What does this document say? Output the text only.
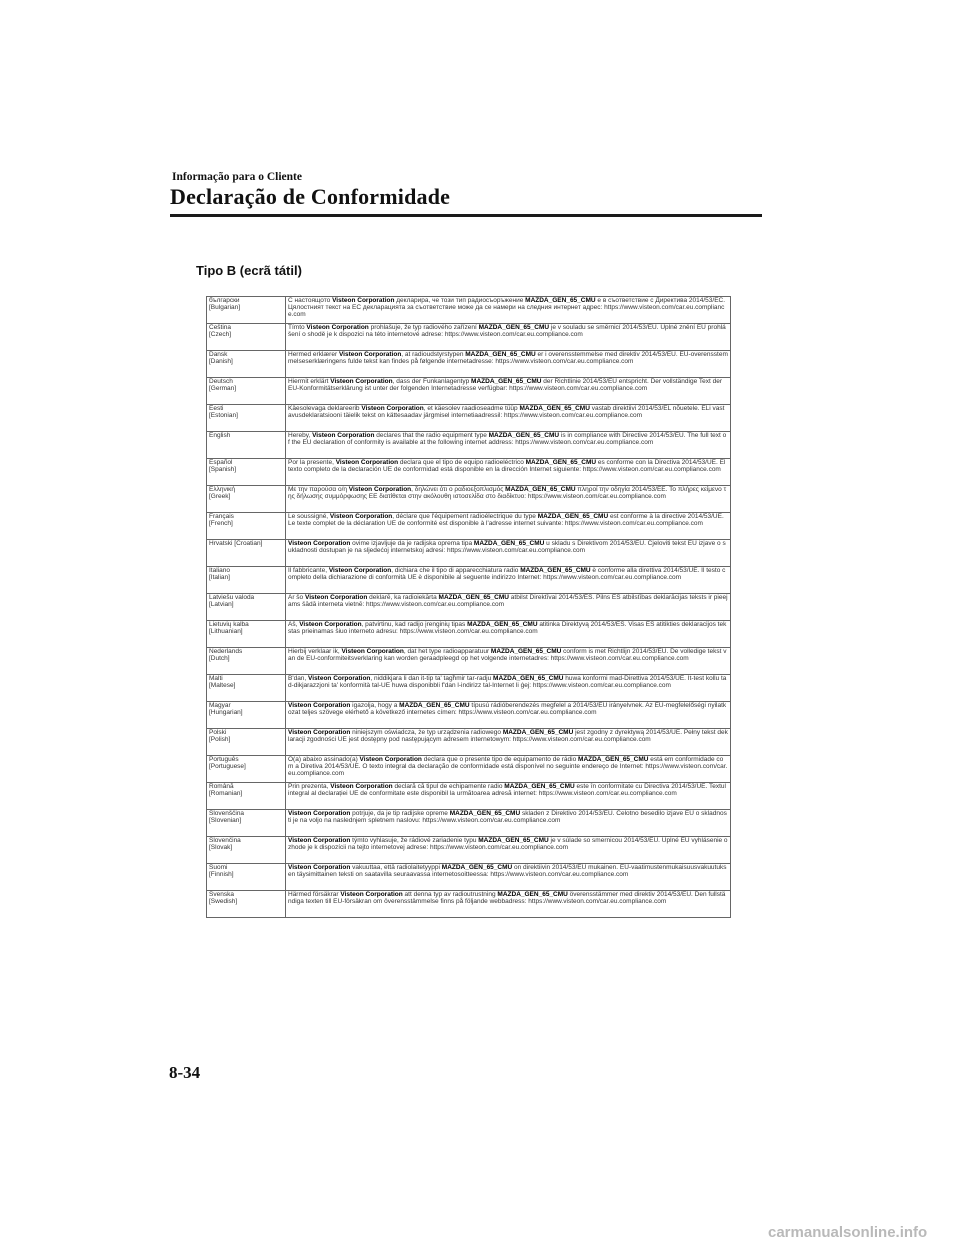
Informação para o Cliente
Declaração de Conformidade
Tipo B (ecrã tátil)
български
[Bulgarian]	С настоящото Visteon Corporation декларира, че този тип радиосъоръжение MAZDA_GEN_65_CMU е в съответствие с Директива 2014/53/ЕС. Цялостният текст на ЕС декларацията за съответствие може да се намери на следния интернет адрес: https://www.visteon.com/car.eu.compliance.com
Čeština
[Czech]	Tímto Visteon Corporation prohlašuje, že typ radiového zařízení MAZDA_GEN_65_CMU je v souladu se směrnicí 2014/53/EU. Úplné znění EU prohlášení o shodě je k dispozici na této internetové adrese: https://www.visteon.com/car.eu.compliance.com
Dansk
[Danish]	Hermed erklærer Visteon Corporation, at radioudstyrstypen MAZDA_GEN_65_CMU er i overensstemmelse med direktiv 2014/53/EU. EU-overensstemmelseserklæringens fulde tekst kan findes på følgende internetadresse: https://www.visteon.com/car.eu.compliance.com
Deutsch
[German]	Hiermit erklärt Visteon Corporation, dass der Funkanlagentyp MAZDA_GEN_65_CMU der Richtlinie 2014/53/EU entspricht. Der vollständige Text der EU-Konformitätserklärung ist unter der folgenden Internetadresse verfügbar: https://www.visteon.com/car.eu.compliance.com
Eesti
[Estonian]	Käesolevaga deklareerib Visteon Corporation, et käesolev raadioseadme tüüp MAZDA_GEN_65_CMU vastab direktiivi 2014/53/EL nõuetele. ELi vastavusdeklaratsiooni täielik tekst on kättesaadav järgmisel internetiaadressil: https://www.visteon.com/car.eu.compliance.com
English	Hereby, Visteon Corporation declares that the radio equipment type MAZDA_GEN_65_CMU is in compliance with Directive 2014/53/EU. The full text of the EU declaration of conformity is available at the following internet address: https://www.visteon.com/car.eu.compliance.com
Español
[Spanish]	Por la presente, Visteon Corporation declara que el tipo de equipo radioeléctrico MAZDA_GEN_65_CMU es conforme con la Directiva 2014/53/UE. El texto completo de la declaración UE de conformidad está disponible en la dirección Internet siguiente: https://www.visteon.com/car.eu.compliance.com
Ελληνική
[Greek]	Με την παρούσα ο/η Visteon Corporation, δηλώνει ότι ο ραδιοεξοπλισμός MAZDA_GEN_65_CMU πληροί την οδηγία 2014/53/ΕΕ. Το πλήρες κείμενο της δήλωσης συμμόρφωσης ΕΕ διατίθεται στην ακόλουθη ιστοσελίδα στο διαδίκτυο: https://www.visteon.com/car.eu.compliance.com
Français
[French]	Le soussigné, Visteon Corporation, déclare que l'équipement radioélectrique du type MAZDA_GEN_65_CMU est conforme à la directive 2014/53/UE. Le texte complet de la déclaration UE de conformité est disponible à l'adresse internet suivante: https://www.visteon.com/car.eu.compliance.com
Hrvatski [Croatian]	Visteon Corporation ovime izjavljuje da je radijska oprema tipa MAZDA_GEN_65_CMU u skladu s Direktivom 2014/53/EU. Cjeloviti tekst EU izjave o sukladnosti dostupan je na sljedećoj internetskoj adresi: https://www.visteon.com/car.eu.compliance.com
Italiano
[Italian]	Il fabbricante, Visteon Corporation, dichiara che il tipo di apparecchiatura radio MAZDA_GEN_65_CMU è conforme alla direttiva 2014/53/UE. Il testo completo della dichiarazione di conformità UE è disponibile al seguente indirizzo Internet: https://www.visteon.com/car.eu.compliance.com
Latviešu valoda
[Latvian]	Ar šo Visteon Corporation deklarē, ka radioiekārta MAZDA_GEN_65_CMU atbilst Direktīvai 2014/53/ES. Pilns ES atbilstības deklarācijas teksts ir pieejams šādā interneta vietnē: https://www.visteon.com/car.eu.compliance.com
Lietuvių kalba
[Lithuanian]	Aš, Visteon Corporation, patvirtinu, kad radijo įrenginių tipas MAZDA_GEN_65_CMU atitinka Direktyvą 2014/53/ES. Visas ES atitikties deklaracijos tekstas prieinamas šiuo interneto adresu: https://www.visteon.com/car.eu.compliance.com
Nederlands
[Dutch]	Hierbij verklaar ik, Visteon Corporation, dat het type radioapparatuur MAZDA_GEN_65_CMU conform is met Richtlijn 2014/53/EU. De volledige tekst van de EU-conformiteitsverklaring kan worden geraadpleegd op het volgende internetadres: https://www.visteon.com/car.eu.compliance.com
Malti
[Maltese]	B'dan, Visteon Corporation, niddikjara li dan it-tip ta' tagħmir tar-radju MAZDA_GEN_65_CMU huwa konformi mad-Direttiva 2014/53/UE. It-test kollu tad-dikjarazzjoni ta' konformità tal-UE huwa disponibbli f'dan l-indirizz tal-Internet li ġej: https://www.visteon.com/car.eu.compliance.com
Magyar
[Hungarian]	Visteon Corporation igazolja, hogy a MAZDA_GEN_65_CMU típusú rádióberendezés megfelel a 2014/53/EU irányelvnek. Az EU-megfelelőségi nyilatkozat teljes szövege elérhető a következő internetes címen: https://www.visteon.com/car.eu.compliance.com
Polski
[Polish]	Visteon Corporation niniejszym oświadcza, że typ urządzenia radiowego MAZDA_GEN_65_CMU jest zgodny z dyrektywą 2014/53/UE. Pełny tekst deklaracji zgodności UE jest dostępny pod następującym adresem internetowym: https://www.visteon.com/car.eu.compliance.com
Português
[Portuguese]	O(a) abaixo assinado(a) Visteon Corporation declara que o presente tipo de equipamento de rádio MAZDA_GEN_65_CMU está em conformidade com a Diretiva 2014/53/UE. O texto integral da declaração de conformidade está disponível no seguinte endereço de Internet: https://www.visteon.com/car.eu.compliance.com
Română
[Romanian]	Prin prezenta, Visteon Corporation declară că tipul de echipamente radio MAZDA_GEN_65_CMU este în conformitate cu Directiva 2014/53/UE. Textul integral al declarației UE de conformitate este disponibil la următoarea adresă internet: https://www.visteon.com/car.eu.compliance.com
Slovenščina
[Slovenian]	Visteon Corporation potrjuje, da je tip radijske opreme MAZDA_GEN_65_CMU skladen z Direktivo 2014/53/EU. Celotno besedilo izjave EU o skladnosti je na voljo na naslednjem spletnem naslovu: https://www.visteon.com/car.eu.compliance.com
Slovenčina
[Slovak]	Visteon Corporation týmto vyhlasuje, že rádiové zariadenie typu MAZDA_GEN_65_CMU je v súlade so smernicou 2014/53/EÚ. Úplné EÚ vyhlásenie o zhode je k dispozícii na tejto internetovej adrese: https://www.visteon.com/car.eu.compliance.com
Suomi
[Finnish]	Visteon Corporation vakuuttaa, että radiolaitetyyppi MAZDA_GEN_65_CMU on direktiivin 2014/53/EU mukainen. EU-vaatimustenmukaisuusvakuutuksen täysimittainen teksti on saatavilla seuraavassa internetosoitteessa: https://www.visteon.com/car.eu.compliance.com
Svenska
[Swedish]	Härmed försäkrar Visteon Corporation att denna typ av radioutrustning MAZDA_GEN_65_CMU överensstämmer med direktiv 2014/53/EU. Den fullständiga texten till EU-försäkran om överensstämmelse finns på följande webbadress: https://www.visteon.com/car.eu.compliance.com
8-34
carmanualsonline.info
